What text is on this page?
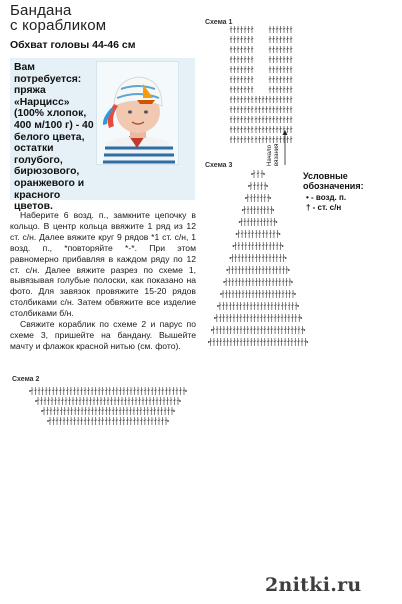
Бандана
с корабликом
Обхват головы 44-46 см
Вам потребуется:
пряжа «Нарцисс» (100% хлопок, 400 м/100 г) - 40 белого цвета, остатки голубого, бирюзового, оранжевого и красного цветов.

Наберите 6 возд. п., замкните цепочку в кольцо. В центр кольца ввяжите 1 ряд из 12 ст. с/н. Далее вяжите круг 9 рядов *1 ст. с/н, 1 возд. п., *повторяйте *-*. При этом равномерно прибавляя в каждом ряду по 12 ст. с/н. Далее вяжите разрез по схеме 1, вывязывая голубые полоски, как показано на фото. Для завязок провяжите 15-20 рядов столбиками с/н. Затем обвяжите все изделие столбиками б/н.

Свяжите кораблик по схеме 2 и парус по схеме 3, пришейте на бандану. Вышейте мачту и флажок красной нитью (см. фото).

Схема 1
Схема 3
Схема 2
Начало вязания
Условные
обозначения:
• - возд. п.
† - ст. с/н
2nitki.ru
